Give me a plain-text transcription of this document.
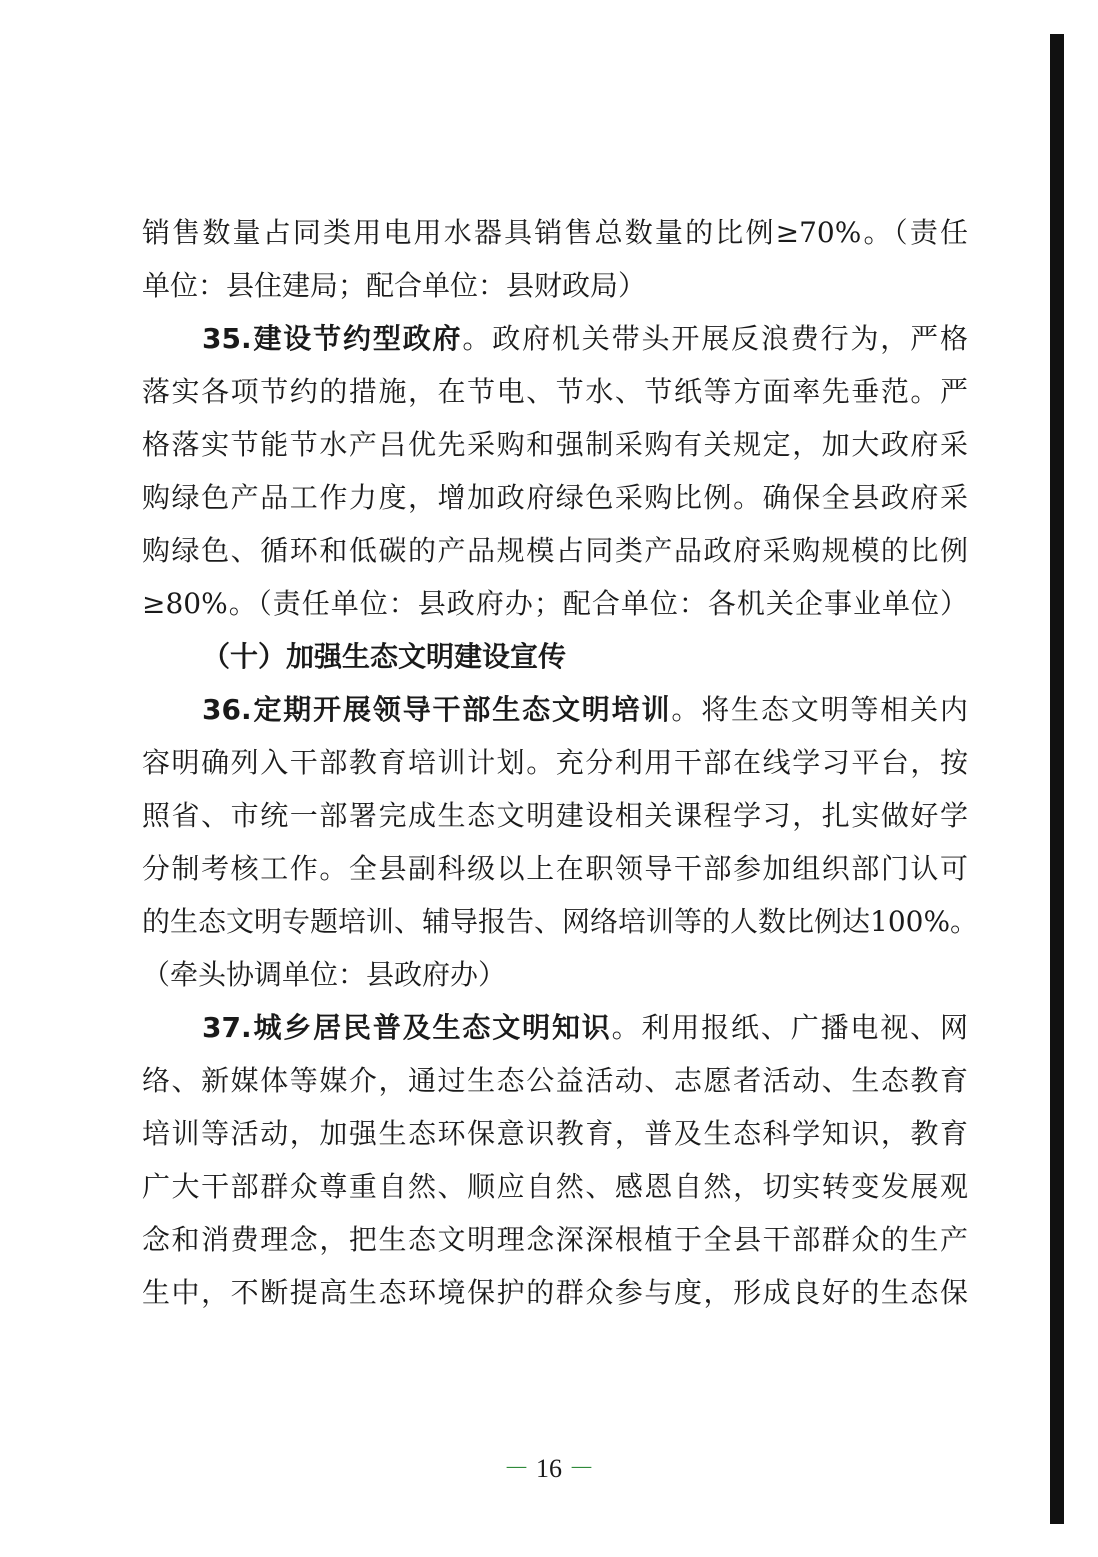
销售数量占同类用电用水器具销售总数量的比例≥70%。（责任
单位：县住建局；配合单位：县财政局）
35.建设节约型政府。政府机关带头开展反浪费行为，严格
落实各项节约的措施，在节电、节水、节纸等方面率先垂范。严
格落实节能节水产吕优先采购和强制采购有关规定，加大政府采
购绿色产品工作力度，增加政府绿色采购比例。确保全县政府采
购绿色、循环和低碳的产品规模占同类产品政府采购规模的比例
≥80%。（责任单位：县政府办；配合单位：各机关企事业单位）
（十）加强生态文明建设宣传
36.定期开展领导干部生态文明培训。将生态文明等相关内
容明确列入干部教育培训计划。充分利用干部在线学习平台，按
照省、市统一部署完成生态文明建设相关课程学习，扎实做好学
分制考核工作。全县副科级以上在职领导干部参加组织部门认可
的生态文明专题培训、辅导报告、网络培训等的人数比例达100%。
（牵头协调单位：县政府办）
37.城乡居民普及生态文明知识。利用报纸、广播电视、网
络、新媒体等媒介，通过生态公益活动、志愿者活动、生态教育
培训等活动，加强生态环保意识教育，普及生态科学知识，教育
广大干部群众尊重自然、顺应自然、感恩自然，切实转变发展观
念和消费理念，把生态文明理念深深根植于全县干部群众的生产
生中，不断提高生态环境保护的群众参与度，形成良好的生态保
－ 16 －
